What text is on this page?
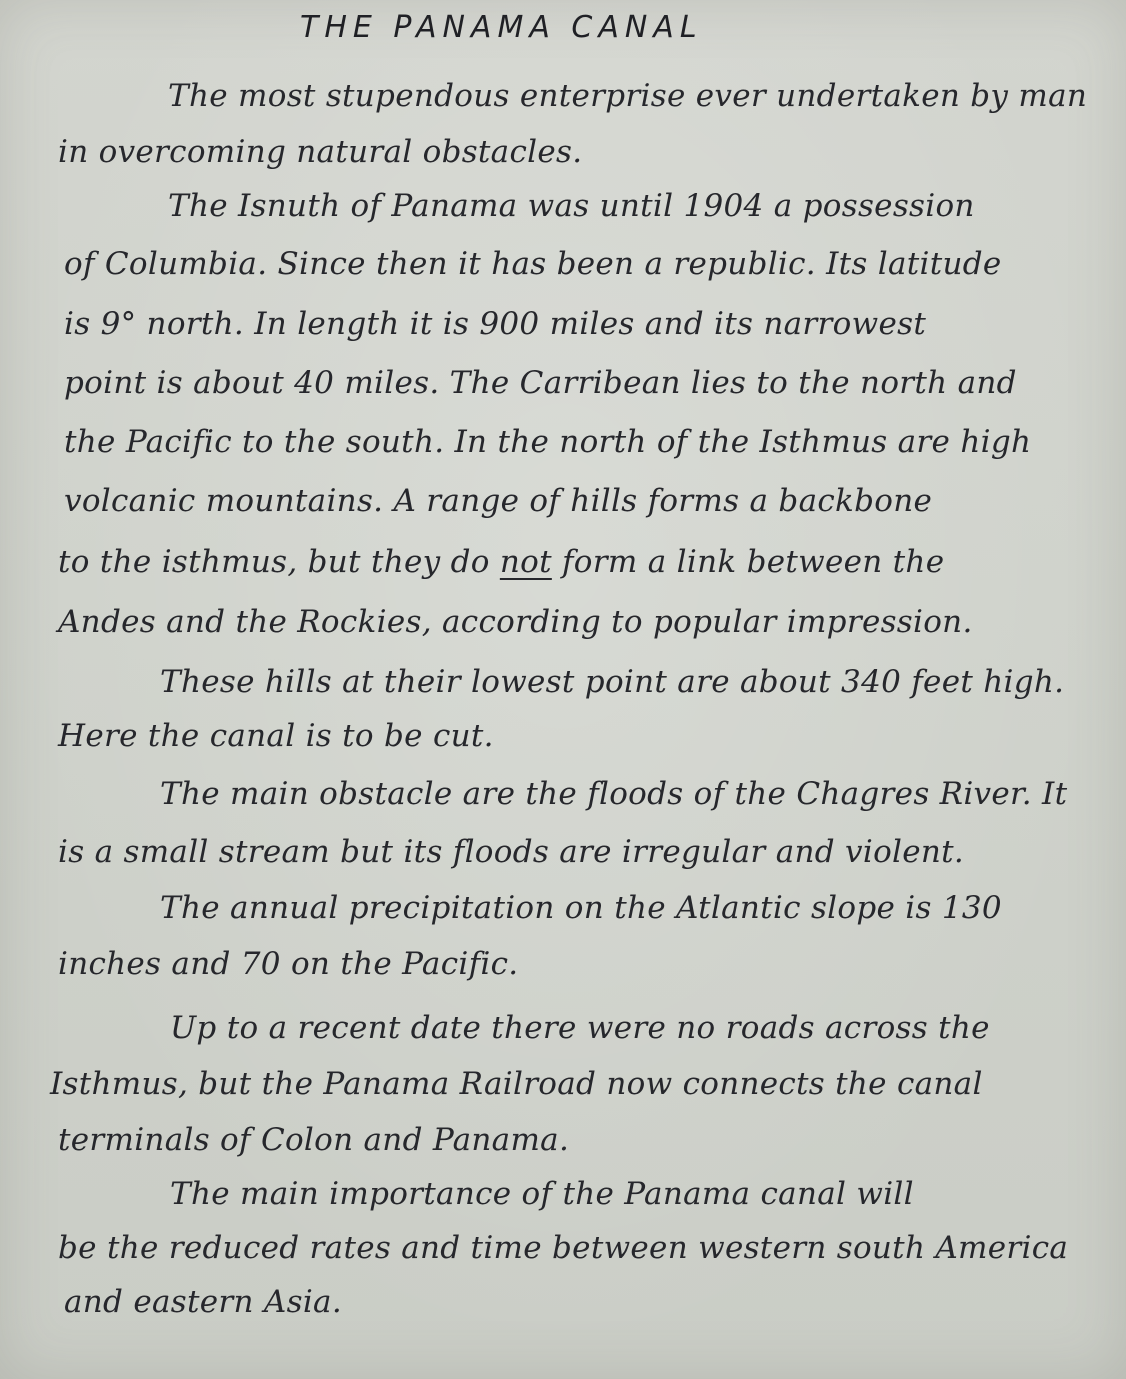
THE PANAMA CANAL
The most stupendous enterprise ever undertaken by man
in overcoming natural obstacles.
The Isnuth of Panama was until 1904 a possession
of Columbia. Since then it has been a republic. Its latitude
is 9° north. In length it is 900 miles and its narrowest
point is about 40 miles. The Carribean lies to the north and
the Pacific to the south. In the north of the Isthmus are high
volcanic mountains. A range of hills forms a backbone
to the isthmus, but they do not form a link between the
Andes and the Rockies, according to popular impression.
These hills at their lowest point are about 340 feet high.
Here the canal is to be cut.
The main obstacle are the floods of the Chagres River. It
is a small stream but its floods are irregular and violent.
The annual precipitation on the Atlantic slope is 130
inches and 70 on the Pacific.
Up to a recent date there were no roads across the
Isthmus, but the Panama Railroad now connects the canal
terminals of Colon and Panama.
The main importance of the Panama canal will
be the reduced rates and time between western south America
and eastern Asia.
